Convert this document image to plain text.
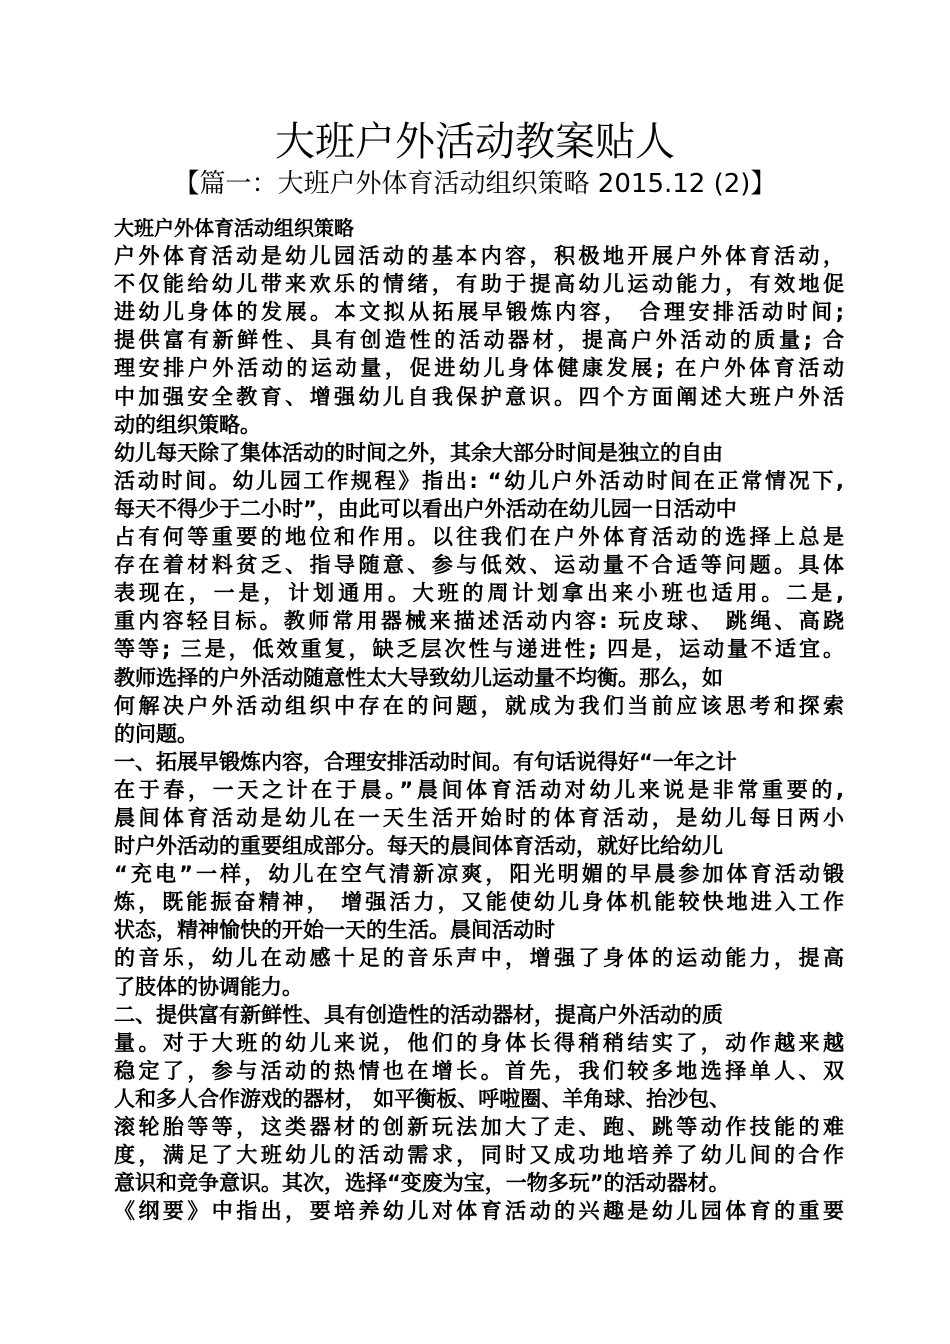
大班户外活动教案贴人
【篇一：大班户外体育活动组织策略 2015.12 (2)】
大班户外体育活动组织策略
户外体育活动是幼儿园活动的基本内容，积极地开展户外体育活动，
不仅能给幼儿带来欢乐的情绪，有助于提高幼儿运动能力，有效地促
进幼儿身体的发展。本文拟从拓展早锻炼内容， 合理安排活动时间;
提供富有新鲜性、具有创造性的活动器材，提高户外活动的质量; 合
理安排户外活动的运动量，促进幼儿身体健康发展; 在户外体育活动
中加强安全教育、增强幼儿自我保护意识。四个方面阐述大班户外活
动的组织策略。
幼儿每天除了集体活动的时间之外，其余大部分时间是独立的自由
活动时间。幼儿园工作规程》指出: “幼儿户外活动时间在正常情况下,
每天不得少于二小时”，由此可以看出户外活动在幼儿园一日活动中
占有何等重要的地位和作用。以往我们在户外体育活动的选择上总是
存在着材料贫乏、指导随意、参与低效、运动量不合适等问题。具体
表现在，一是，计划通用。大班的周计划拿出来小班也适用。二是,
重内容轻目标。教师常用器械来描述活动内容: 玩皮球、 跳绳、高跷
等等; 三是，低效重复，缺乏层次性与递进性; 四是，运动量不适宜。
教师选择的户外活动随意性太大导致幼儿运动量不均衡。那么，如
何解决户外活动组织中存在的问题，就成为我们当前应该思考和探索
的问题。
一、拓展早锻炼内容，合理安排活动时间。有句话说得好“一年之计
在于春，一天之计在于晨。”晨间体育活动对幼儿来说是非常重要的,
晨间体育活动是幼儿在一天生活开始时的体育活动，是幼儿每日两小
时户外活动的重要组成部分。每天的晨间体育活动，就好比给幼儿
“充电”一样，幼儿在空气清新凉爽，阳光明媚的早晨参加体育活动锻
炼，既能振奋精神， 增强活力，又能使幼儿身体机能较快地进入工作
状态，精神愉快的开始一天的生活。晨间活动时
的音乐，幼儿在动感十足的音乐声中，增强了身体的运动能力，提高
了肢体的协调能力。
二、提供富有新鲜性、具有创造性的活动器材，提高户外活动的质
量。对于大班的幼儿来说，他们的身体长得稍稍结实了，动作越来越
稳定了，参与活动的热情也在增长。首先，我们较多地选择单人、双
人和多人合作游戏的器材， 如平衡板、呼啦圈、羊角球、抬沙包、
滚轮胎等等，这类器材的创新玩法加大了走、跑、跳等动作技能的难
度，满足了大班幼儿的活动需求，同时又成功地培养了幼儿间的合作
意识和竞争意识。其次，选择“变废为宝，一物多玩”的活动器材。
《纲要》中指出，要培养幼儿对体育活动的兴趣是幼儿园体育的重要
